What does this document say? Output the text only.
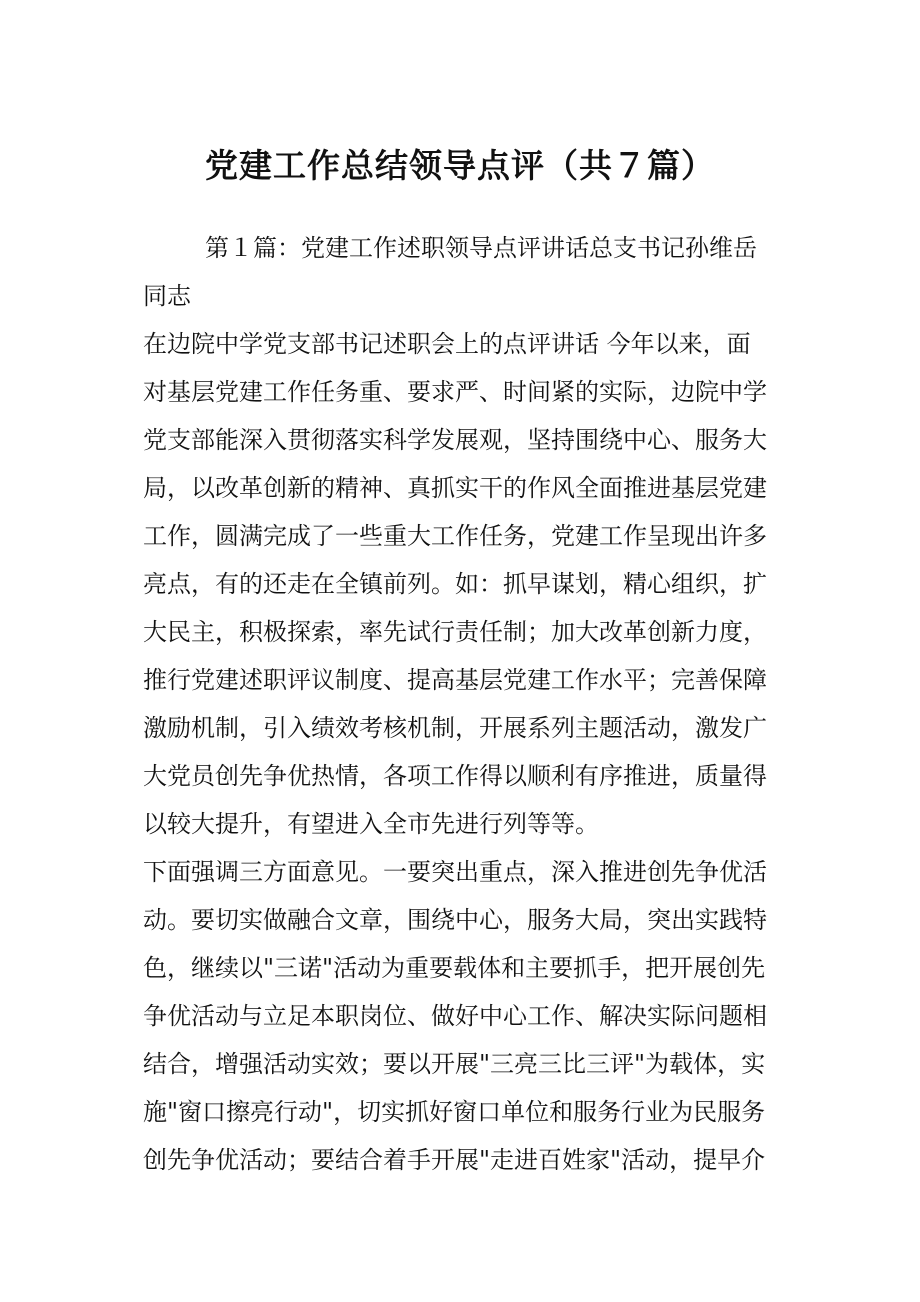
党建工作总结领导点评（共７篇）
第１篇：党建工作述职领导点评讲话总支书记孙维岳
同志
在边院中学党支部书记述职会上的点评讲话 今年以来，面
对基层党建工作任务重、要求严、时间紧的实际，边院中学
党支部能深入贯彻落实科学发展观，坚持围绕中心、服务大
局，以改革创新的精神、真抓实干的作风全面推进基层党建
工作，圆满完成了一些重大工作任务，党建工作呈现出许多
亮点，有的还走在全镇前列。如：抓早谋划，精心组织，扩
大民主，积极探索，率先试行责任制；加大改革创新力度，
推行党建述职评议制度、提高基层党建工作水平；完善保障
激励机制，引入绩效考核机制，开展系列主题活动，激发广
大党员创先争优热情，各项工作得以顺利有序推进，质量得
以较大提升，有望进入全市先进行列等等。
下面强调三方面意见。一要突出重点，深入推进创先争优活
动。要切实做融合文章，围绕中心，服务大局，突出实践特
色，继续以"三诺"活动为重要载体和主要抓手，把开展创先
争优活动与立足本职岗位、做好中心工作、解决实际问题相
结合，增强活动实效；要以开展"三亮三比三评"为载体，实
施"窗口擦亮行动"，切实抓好窗口单位和服务行业为民服务
创先争优活动；要结合着手开展"走进百姓家"活动，提早介
